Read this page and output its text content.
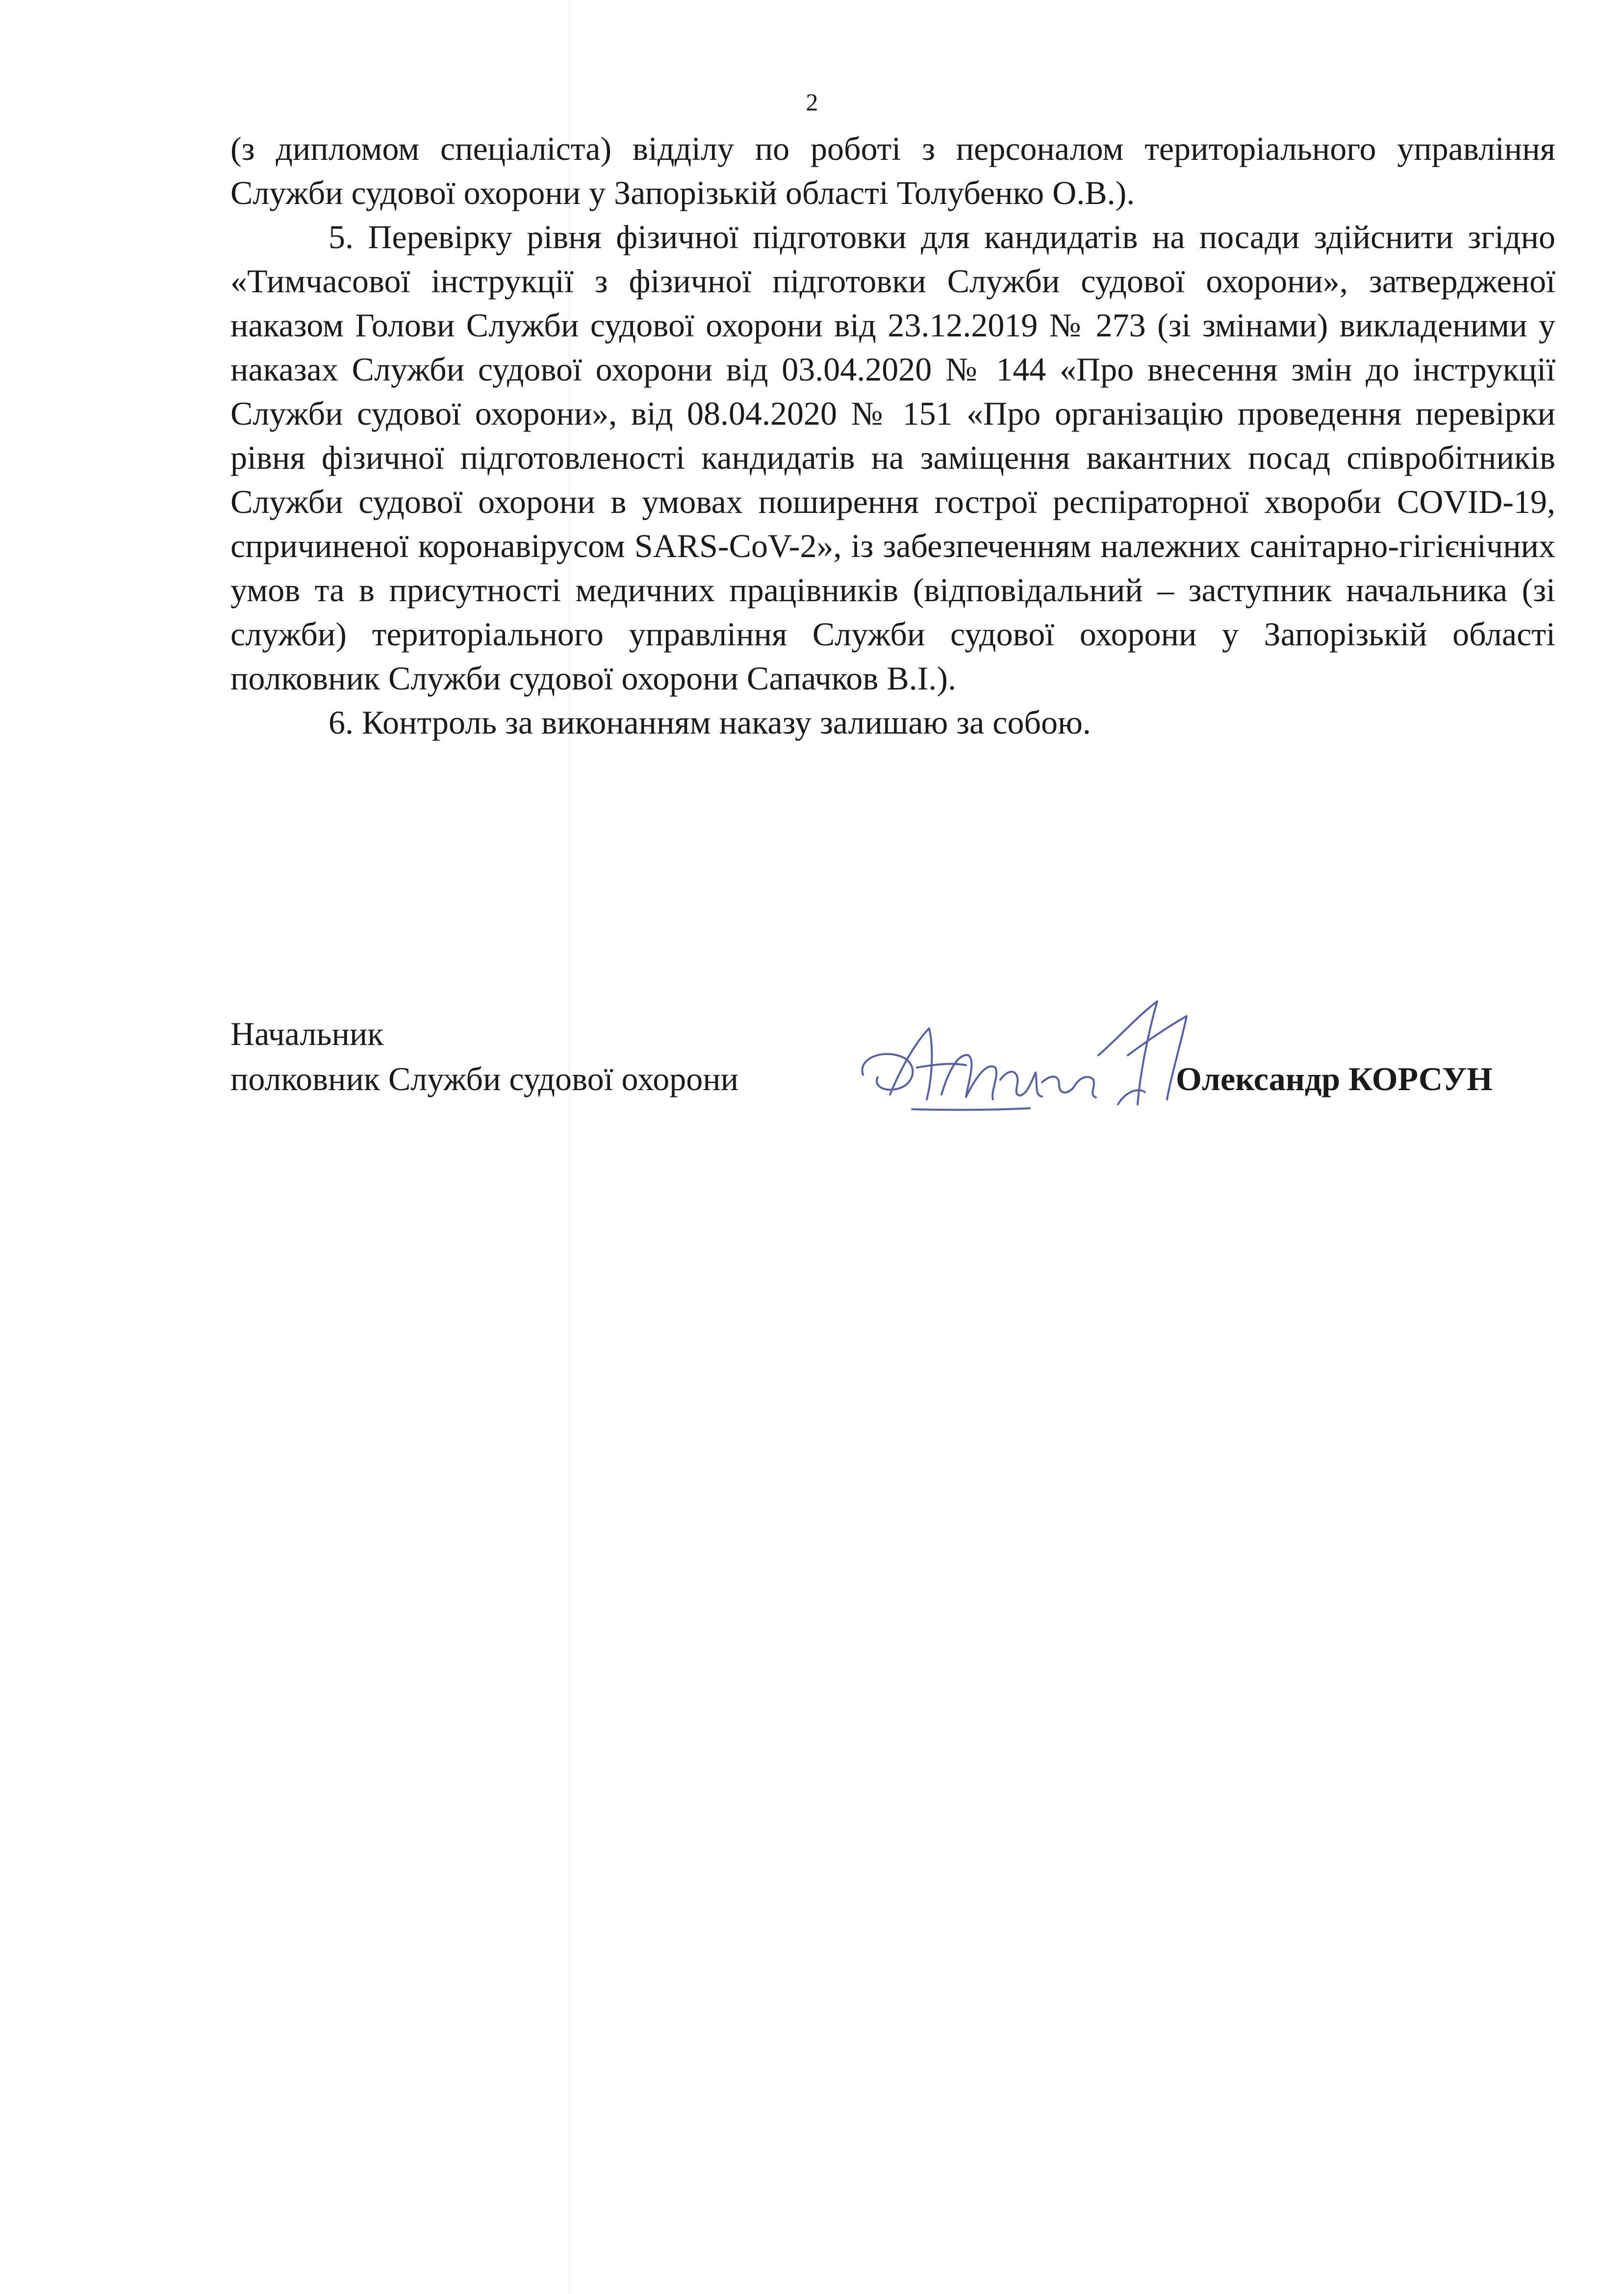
2

(з дипломом спеціаліста) відділу по роботі з персоналом територіального управління Служби судової охорони у Запорізькій області Толубенко О.В.).

5. Перевірку рівня фізичної підготовки для кандидатів на посади здійснити згідно «Тимчасової інструкції з фізичної підготовки Служби судової охорони», затвердженої наказом Голови Служби судової охорони від 23.12.2019 № 273 (зі змінами) викладеними у наказах Служби судової охорони від 03.04.2020 № 144 «Про внесення змін до інструкції Служби судової охорони», від 08.04.2020 № 151 «Про організацію проведення перевірки рівня фізичної підготовленості кандидатів на заміщення вакантних посад співробітників Служби судової охорони в умовах поширення гострої респіраторної хвороби COVID-19, спричиненої коронавірусом SARS-CoV-2», із забезпеченням належних санітарно-гігієнічних умов та в присутності медичних працівників (відповідальний – заступник начальника (зі служби) територіального управління Служби судової охорони у Запорізькій області полковник Служби судової охорони Сапачков В.І.).

6. Контроль за виконанням наказу залишаю за собою.

Начальник
полковник Служби судової охорони	Олександр КОРСУН
